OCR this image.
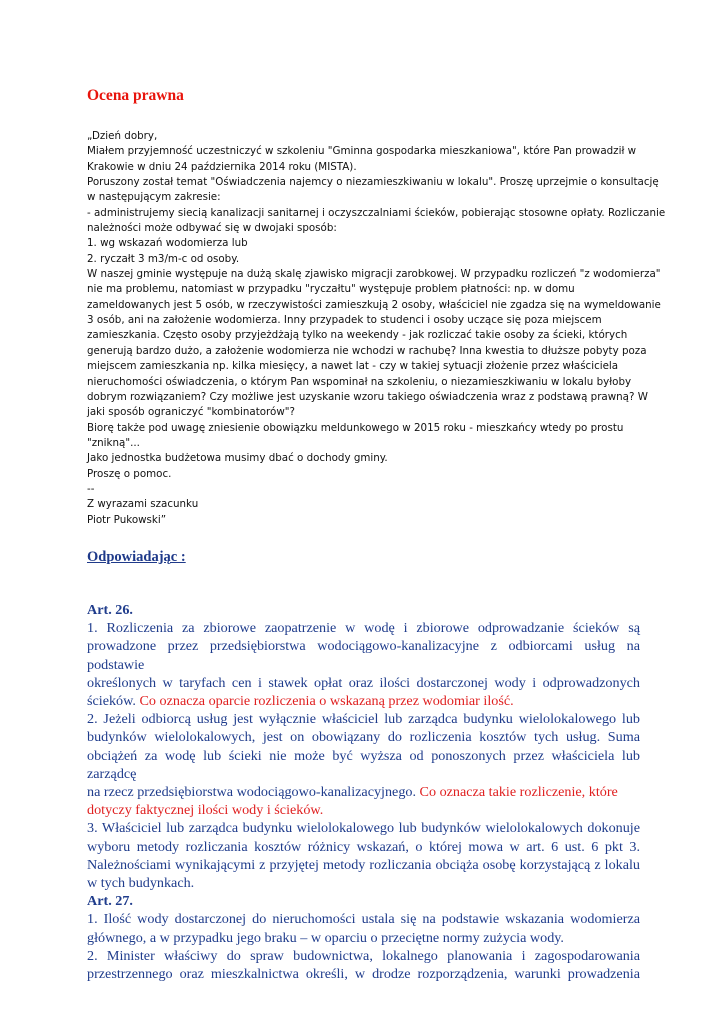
Ocena prawna
„Dzień dobry,
Miałem przyjemność uczestniczyć w szkoleniu "Gminna gospodarka mieszkaniowa", które Pan prowadził w
Krakowie w dniu 24 października 2014 roku (MISTA).
Poruszony został temat "Oświadczenia najemcy o niezamieszkiwaniu w lokalu". Proszę uprzejmie o konsultację
w następującym zakresie:
- administrujemy siecią kanalizacji sanitarnej i oczyszczalniami ścieków, pobierając stosowne opłaty. Rozliczanie
należności może odbywać się w dwojaki sposób:
1. wg wskazań wodomierza lub
2. ryczałt 3 m3/m-c od osoby.
W naszej gminie występuje na dużą skalę zjawisko migracji zarobkowej. W przypadku rozliczeń "z wodomierza"
nie ma problemu, natomiast w przypadku "ryczałtu" występuje problem płatności: np. w domu
zameldowanych jest 5 osób, w rzeczywistości zamieszkują 2 osoby, właściciel nie zgadza się na wymeldowanie
3 osób, ani na założenie wodomierza. Inny przypadek to studenci i osoby uczące się poza miejscem
zamieszkania. Często osoby przyjeżdżają tylko na weekendy - jak rozliczać takie osoby za ścieki, których
generują bardzo dużo, a założenie wodomierza nie wchodzi w rachubę? Inna kwestia to dłuższe pobyty poza
miejscem zamieszkania np. kilka miesięcy, a nawet lat - czy w takiej sytuacji złożenie przez właściciela
nieruchomości oświadczenia, o którym Pan wspominał na szkoleniu, o niezamieszkiwaniu w lokalu byłoby
dobrym rozwiązaniem? Czy możliwe jest uzyskanie wzoru takiego oświadczenia wraz z podstawą prawną? W
jaki sposób ograniczyć "kombinatorów"?
Biorę także pod uwagę zniesienie obowiązku meldunkowego w 2015 roku - mieszkańcy wtedy po prostu
"znikną"...
Jako jednostka budżetowa musimy dbać o dochody gminy.
Proszę o pomoc.
--
Z wyrazami szacunku
Piotr Pukowski”
Odpowiadając :
Art. 26.
1. Rozliczenia za zbiorowe zaopatrzenie w wodę i zbiorowe odprowadzanie ścieków są
prowadzone przez przedsiębiorstwa wodociągowo-kanalizacyjne z odbiorcami usług na podstawie
określonych w taryfach cen i stawek opłat oraz ilości dostarczonej wody i odprowadzonych
ścieków. Co oznacza oparcie rozliczenia o wskazaną przez wodomiar ilość.
2. Jeżeli odbiorcą usług jest wyłącznie właściciel lub zarządca budynku wielolokalowego lub
budynków wielolokalowych, jest on obowiązany do rozliczenia kosztów tych usług. Suma
obciążeń za wodę lub ścieki nie może być wyższa od ponoszonych przez właściciela lub zarządcę
na rzecz przedsiębiorstwa wodociągowo-kanalizacyjnego. Co oznacza takie rozliczenie, które
dotyczy faktycznej ilości wody i ścieków.
3. Właściciel lub zarządca budynku wielolokalowego lub budynków wielolokalowych dokonuje
wyboru metody rozliczania kosztów różnicy wskazań, o której mowa w art. 6 ust. 6 pkt 3.
Należnościami wynikającymi z przyjętej metody rozliczania obciąża osobę korzystającą z lokalu
w tych budynkach.
Art. 27.
1. Ilość wody dostarczonej do nieruchomości ustala się na podstawie wskazania wodomierza
głównego, a w przypadku jego braku – w oparciu o przeciętne normy zużycia wody.
2. Minister właściwy do spraw budownictwa, lokalnego planowania i zagospodarowania
przestrzennego oraz mieszkalnictwa określi, w drodze rozporządzenia, warunki prowadzenia
